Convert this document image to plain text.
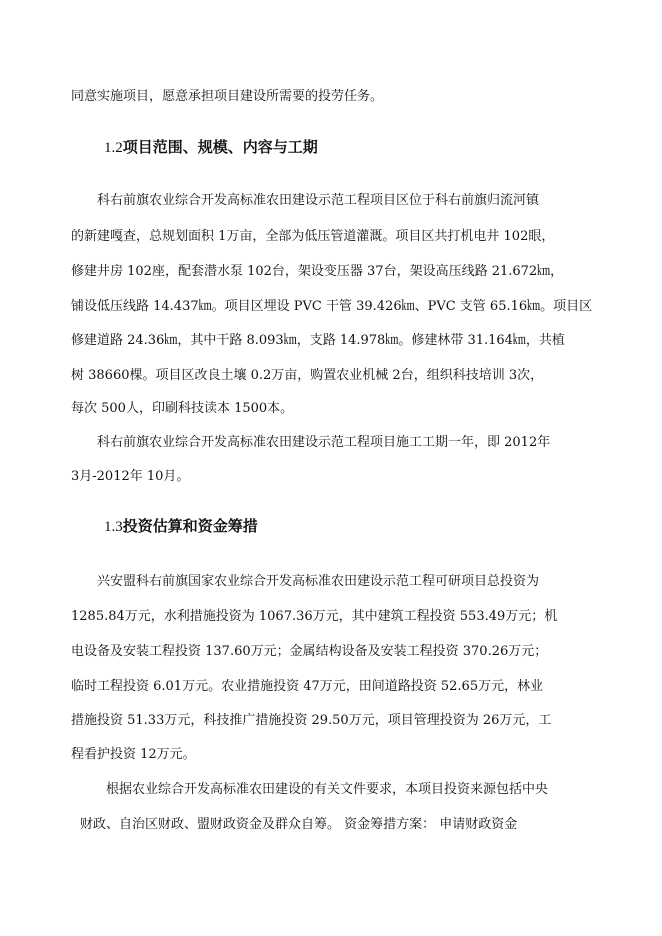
同意实施项目，愿意承担项目建设所需要的投劳任务。
1.2项目范围、规模、内容与工期
科右前旗农业综合开发高标准农田建设示范工程项目区位于科右前旗归流河镇
的新建嘎查，总规划面积 1万亩，全部为低压管道灌溉。项目区共打机电井 102眼，
修建井房 102座，配套潜水泵 102台，架设变压器 37台，架设高压线路 21.672㎞，
铺设低压线路 14.437㎞。项目区埋设 PVC 干管 39.426㎞、PVC 支管 65.16㎞。项目区
修建道路 24.36㎞，其中干路 8.093㎞，支路 14.978㎞。修建林带 31.164㎞，共植
树 38660棵。项目区改良土壤 0.2万亩，购置农业机械 2台，组织科技培训 3次，
每次 500人，印刷科技读本 1500本。
科右前旗农业综合开发高标准农田建设示范工程项目施工工期一年，即 2012年
3月-2012年 10月。
1.3投资估算和资金筹措
兴安盟科右前旗国家农业综合开发高标准农田建设示范工程可研项目总投资为
1285.84万元，水利措施投资为 1067.36万元，其中建筑工程投资 553.49万元；机
电设备及安装工程投资 137.60万元；金属结构设备及安装工程投资 370.26万元；
临时工程投资 6.01万元。农业措施投资 47万元，田间道路投资 52.65万元，林业
措施投资 51.33万元，科技推广措施投资 29.50万元，项目管理投资为 26万元，工
程看护投资 12万元。
根据农业综合开发高标准农田建设的有关文件要求，本项目投资来源包括中央
财政、自治区财政、盟财政资金及群众自筹。 资金筹措方案： 申请财政资金
